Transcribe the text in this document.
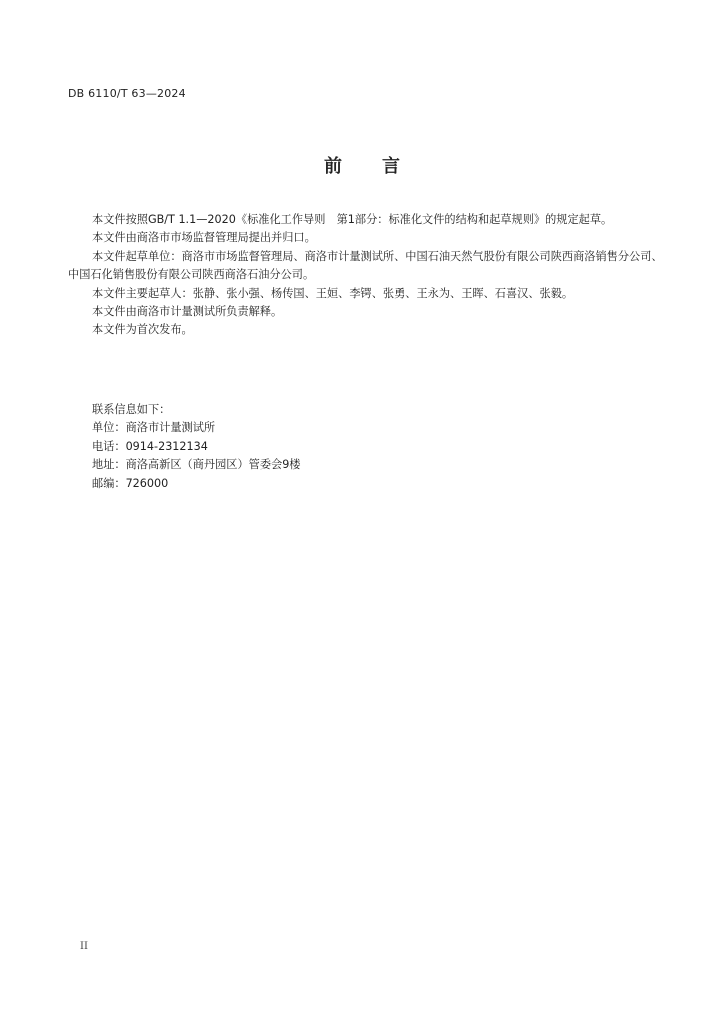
DB 6110/T 63—2024
前 言

本文件按照GB/T 1.1—2020《标准化工作导则　第1部分：标准化文件的结构和起草规则》的规定起草。

本文件由商洛市市场监督管理局提出并归口。

本文件起草单位：商洛市市场监督管理局、商洛市计量测试所、中国石油天然气股份有限公司陕西商洛销售分公司、中国石化销售股份有限公司陕西商洛石油分公司。

本文件主要起草人：张静、张小强、杨传国、王姮、李锷、张勇、王永为、王晖、石喜汉、张毅。

本文件由商洛市计量测试所负责解释。

本文件为首次发布。

联系信息如下：
单位：商洛市计量测试所
电话：0914-2312134
地址：商洛高新区（商丹园区）管委会9楼
邮编：726000
II
